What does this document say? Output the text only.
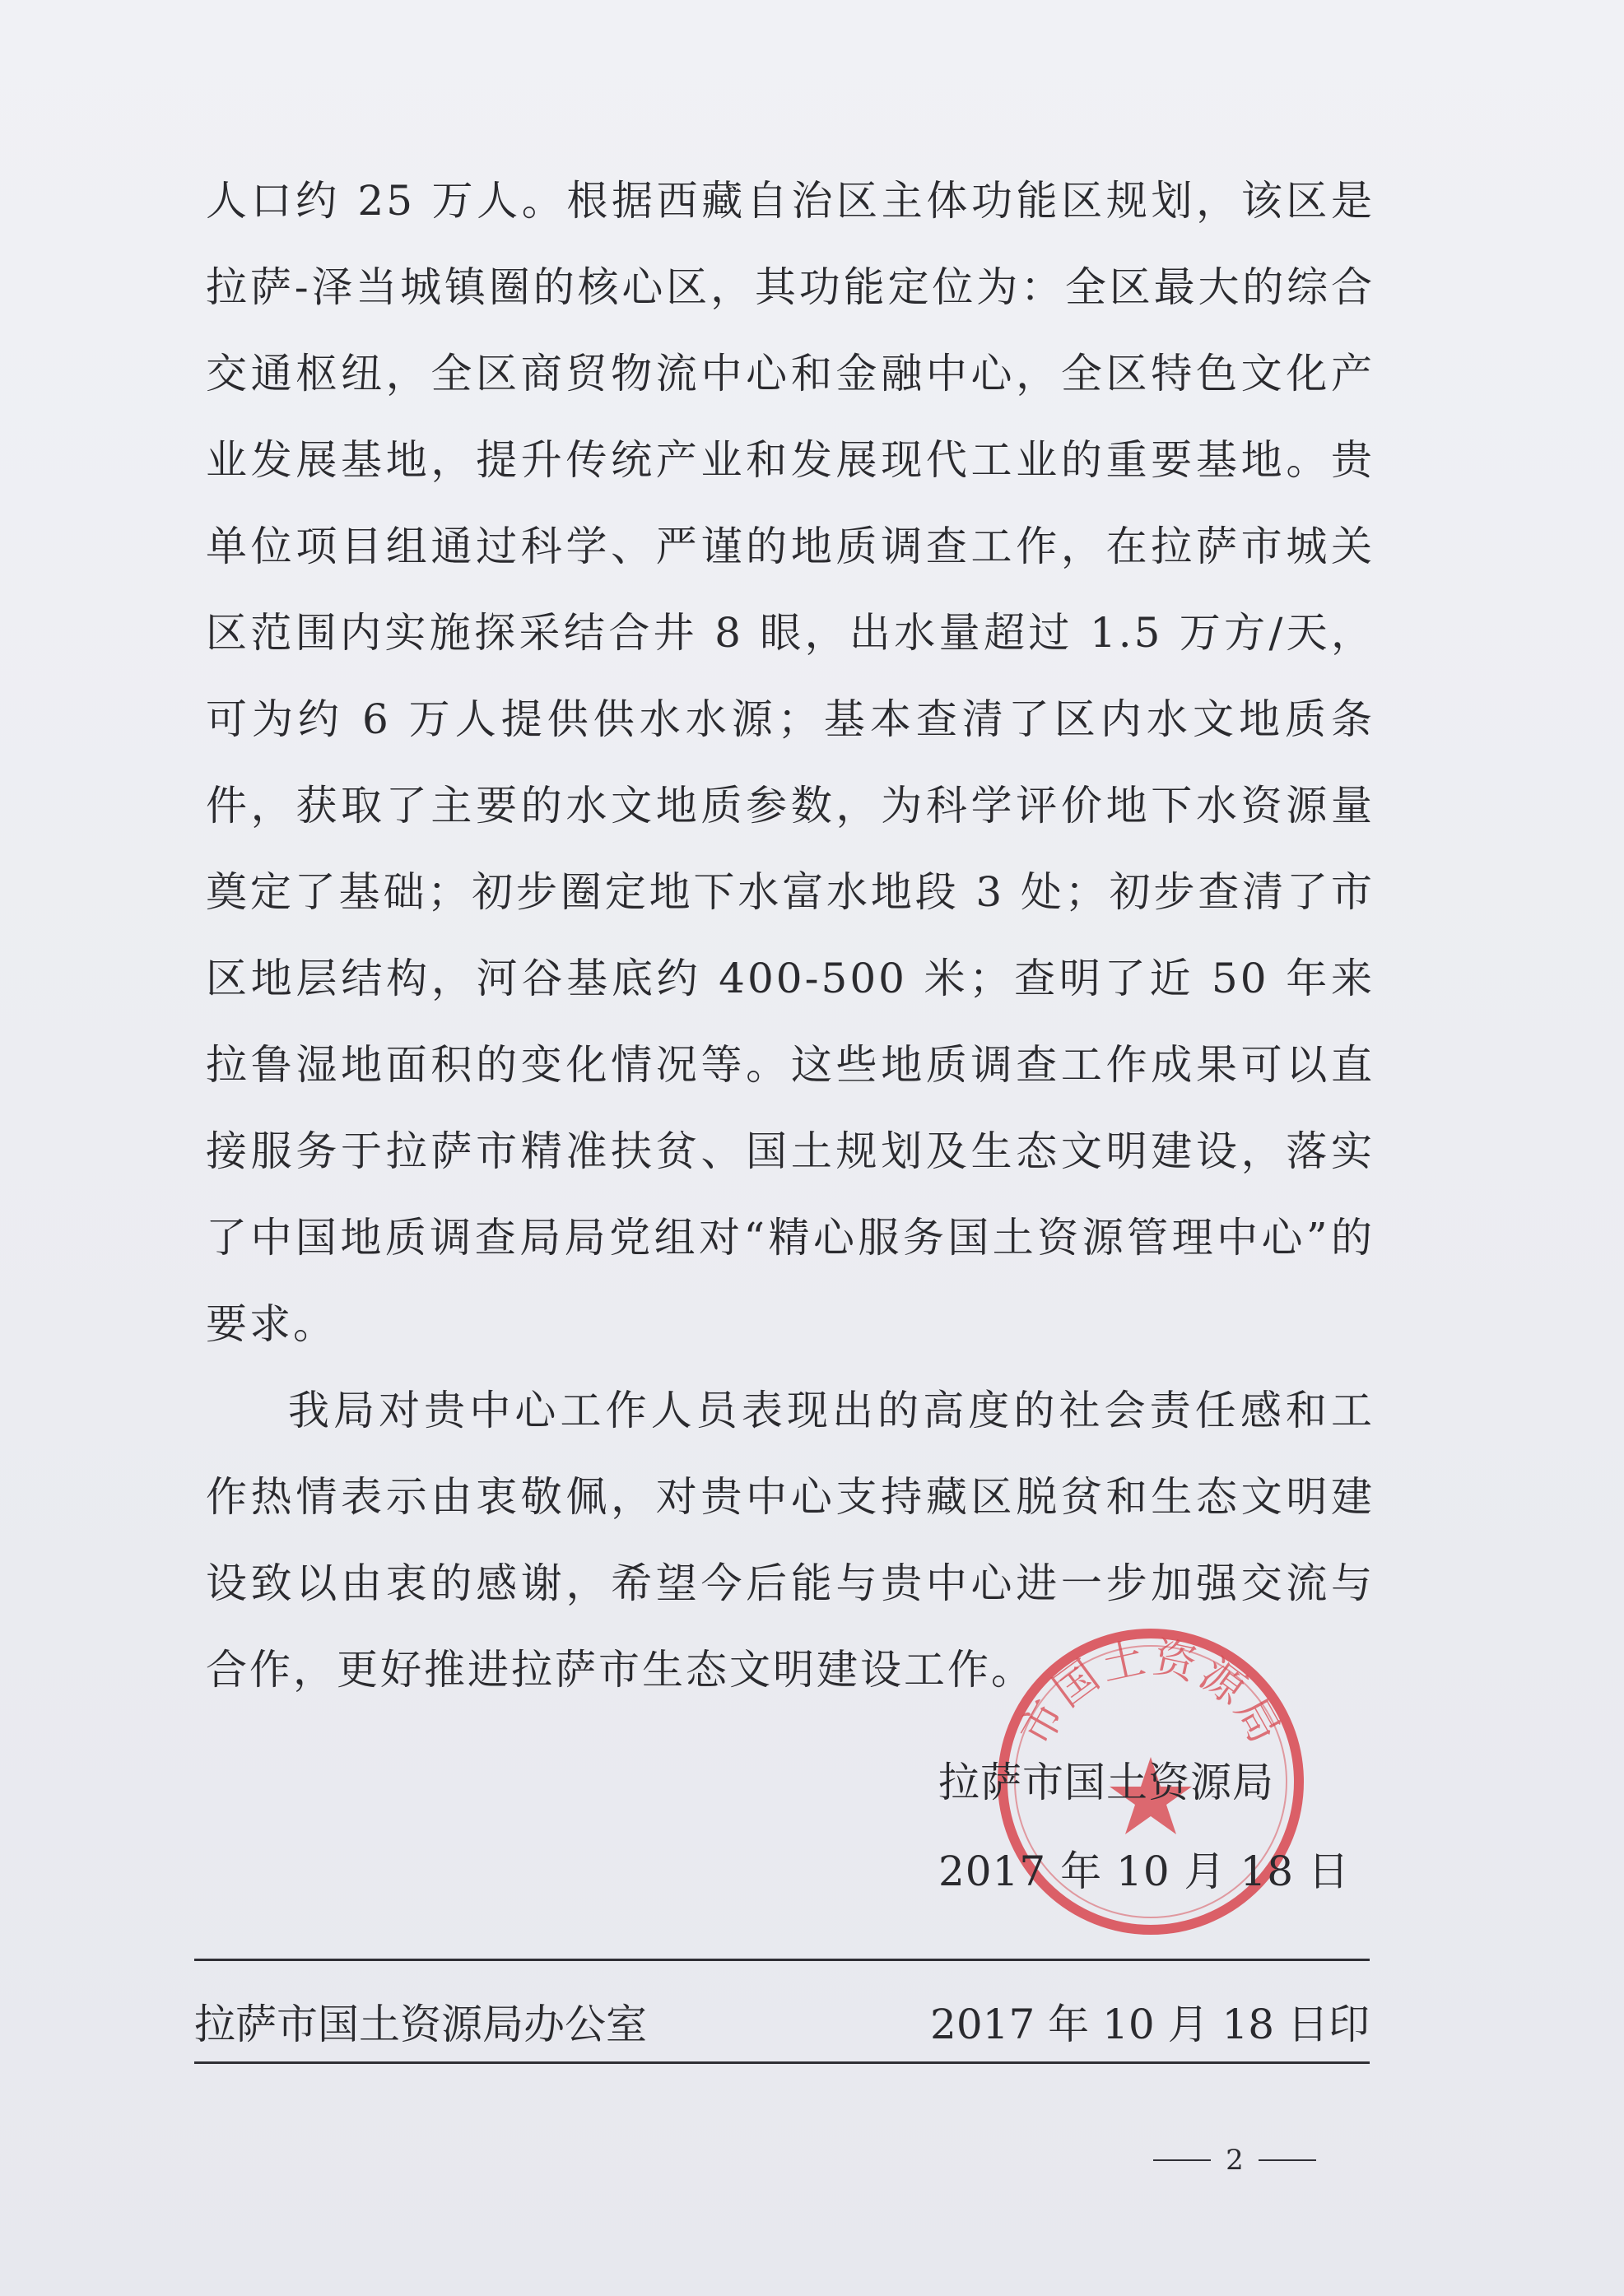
人口约 25 万人。根据西藏自治区主体功能区规划，该区是拉萨-泽当城镇圈的核心区，其功能定位为：全区最大的综合交通枢纽，全区商贸物流中心和金融中心，全区特色文化产业发展基地，提升传统产业和发展现代工业的重要基地。贵单位项目组通过科学、严谨的地质调查工作，在拉萨市城关区范围内实施探采结合井 8 眼，出水量超过 1.5 万方/天，可为约 6 万人提供供水水源；基本查清了区内水文地质条件，获取了主要的水文地质参数，为科学评价地下水资源量奠定了基础；初步圈定地下水富水地段 3 处；初步查清了市区地层结构，河谷基底约 400-500 米；查明了近 50 年来拉鲁湿地面积的变化情况等。这些地质调查工作成果可以直接服务于拉萨市精准扶贫、国土规划及生态文明建设，落实了中国地质调查局局党组对“精心服务国土资源管理中心”的要求。

我局对贵中心工作人员表现出的高度的社会责任感和工作热情表示由衷敬佩，对贵中心支持藏区脱贫和生态文明建设致以由衷的感谢，希望今后能与贵中心进一步加强交流与合作，更好推进拉萨市生态文明建设工作。

市国土资源局
拉萨市国土资源局
2017 年 10 月 18 日
拉萨市国土资源局办公室	2017 年 10 月 18 日印
2
